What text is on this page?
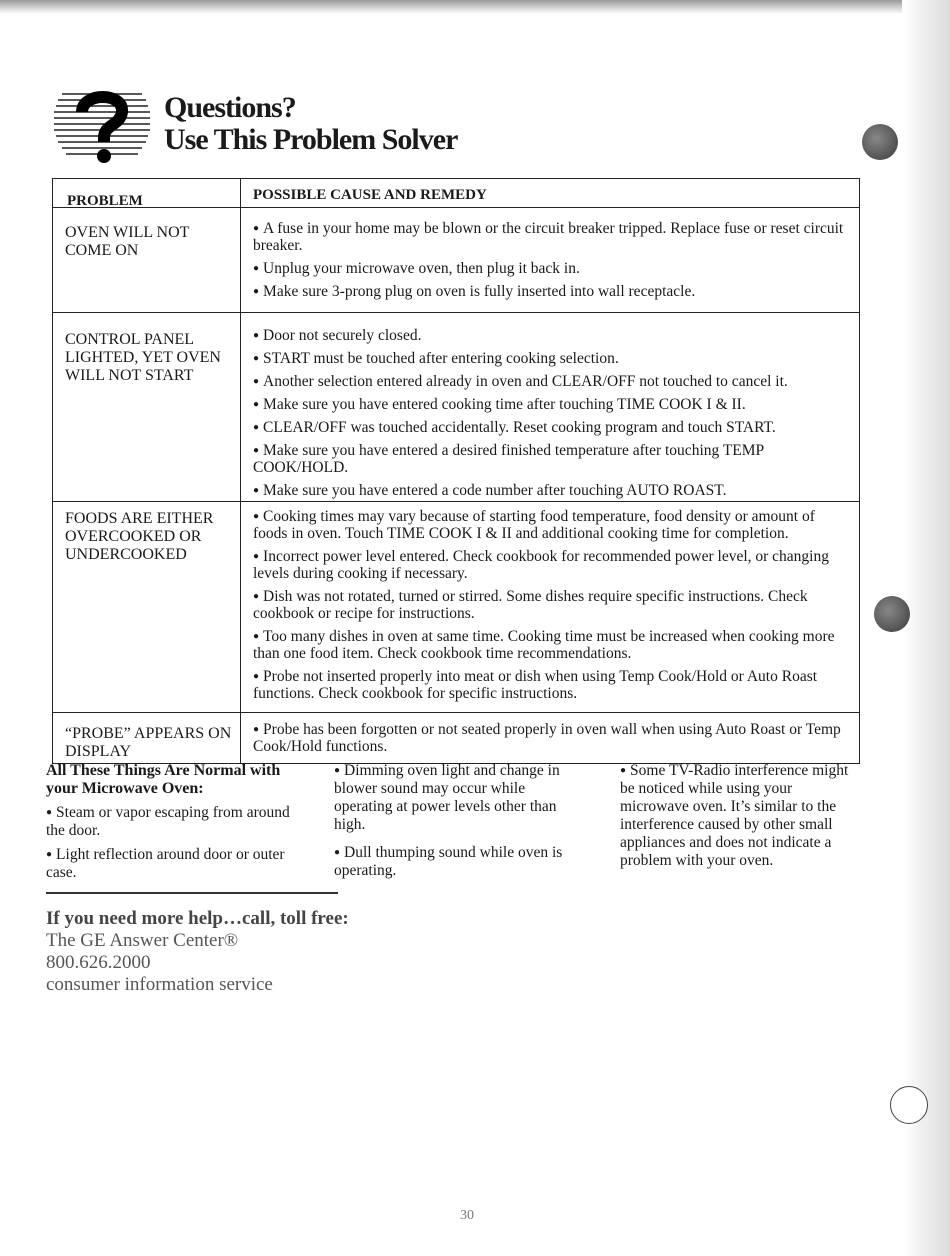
Questions?
Use This Problem Solver
PROBLEM	POSSIBLE CAUSE AND REMEDY
OVEN WILL NOT COME ON

● A fuse in your home may be blown or the circuit breaker tripped. Replace fuse or reset circuit breaker.

● Unplug your microwave oven, then plug it back in.

● Make sure 3-prong plug on oven is fully inserted into wall receptacle.

CONTROL PANEL LIGHTED, YET OVEN WILL NOT START

● Door not securely closed.

● START must be touched after entering cooking selection.

● Another selection entered already in oven and CLEAR/OFF not touched to cancel it.

● Make sure you have entered cooking time after touching TIME COOK I & II.

● CLEAR/OFF was touched accidentally. Reset cooking program and touch START.

● Make sure you have entered a desired finished temperature after touching TEMP COOK/HOLD.

● Make sure you have entered a code number after touching AUTO ROAST.

FOODS ARE EITHER OVERCOOKED OR UNDERCOOKED

● Cooking times may vary because of starting food temperature, food density or amount of foods in oven. Touch TIME COOK I & II and additional cooking time for completion.

● Incorrect power level entered. Check cookbook for recommended power level, or changing levels during cooking if necessary.

● Dish was not rotated, turned or stirred. Some dishes require specific instructions. Check cookbook or recipe for instructions.

● Too many dishes in oven at same time. Cooking time must be increased when cooking more than one food item. Check cookbook time recommendations.

● Probe not inserted properly into meat or dish when using Temp Cook/Hold or Auto Roast functions. Check cookbook for specific instructions.

“PROBE” APPEARS ON DISPLAY

● Probe has been forgotten or not seated properly in oven wall when using Auto Roast or Temp Cook/Hold functions.

All These Things Are Normal with your Microwave Oven:

● Steam or vapor escaping from around the door.

● Light reflection around door or outer case.

● Dimming oven light and change in blower sound may occur while operating at power levels other than high.

● Dull thumping sound while oven is operating.

● Some TV-Radio interference might be noticed while using your microwave oven. It’s similar to the interference caused by other small appliances and does not indicate a problem with your oven.

If you need more help…call, toll free:
The GE Answer Center®
800.626.2000
consumer information service
30
